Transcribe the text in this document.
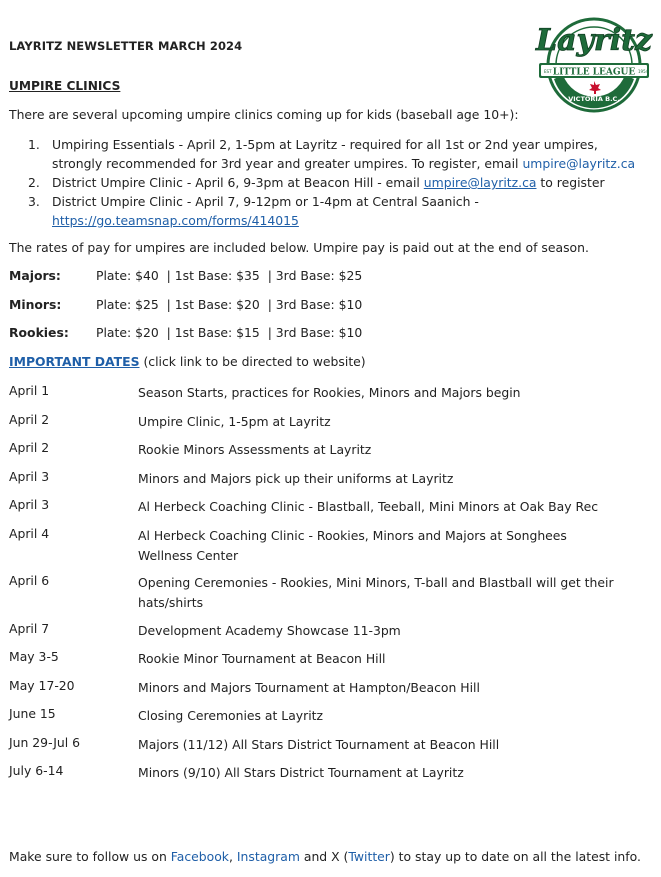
LAYRITZ NEWSLETTER MARCH 2024
VICTORIA B.C.
LITTLE LEAGUE
EST	1954
Layritz
UMPIRE CLINICS
There are several upcoming umpire clinics coming up for kids (baseball age 10+):
1. Umpiring Essentials - April 2, 1-5pm at Layritz - required for all 1st or 2nd year umpires, strongly recommended for 3rd year and greater umpires. To register, email umpire@layritz.ca
2. District Umpire Clinic - April 6, 9-3pm at Beacon Hill - email umpire@layritz.ca to register
3. District Umpire Clinic - April 7, 9-12pm or 1-4pm at Central Saanich - https://go.teamsnap.com/forms/414015
The rates of pay for umpires are included below. Umpire pay is paid out at the end of season.
Majors:	Plate: $40  | 1st Base: $35  | 3rd Base: $25
Minors:	Plate: $25  | 1st Base: $20  | 3rd Base: $10
Rookies: Plate: $20  | 1st Base: $15  | 3rd Base: $10
IMPORTANT DATES (click link to be directed to website)
April 1	Season Starts, practices for Rookies, Minors and Majors begin
April 2	Umpire Clinic, 1-5pm at Layritz
April 2	Rookie Minors Assessments at Layritz
April 3	Minors and Majors pick up their uniforms at Layritz
April 3	Al Herbeck Coaching Clinic - Blastball, Teeball, Mini Minors at Oak Bay Rec
April 4	Al Herbeck Coaching Clinic - Rookies, Minors and Majors at Songhees Wellness Center
April 6	Opening Ceremonies - Rookies, Mini Minors, T-ball and Blastball will get their hats/shirts
April 7	Development Academy Showcase 11-3pm
May 3-5	Rookie Minor Tournament at Beacon Hill
May 17-20	Minors and Majors Tournament at Hampton/Beacon Hill
June 15	Closing Ceremonies at Layritz
Jun 29-Jul 6	Majors (11/12) All Stars District Tournament at Beacon Hill
July 6-14	Minors (9/10) All Stars District Tournament at Layritz
Make sure to follow us on Facebook, Instagram and X (Twitter) to stay up to date on all the latest info.
